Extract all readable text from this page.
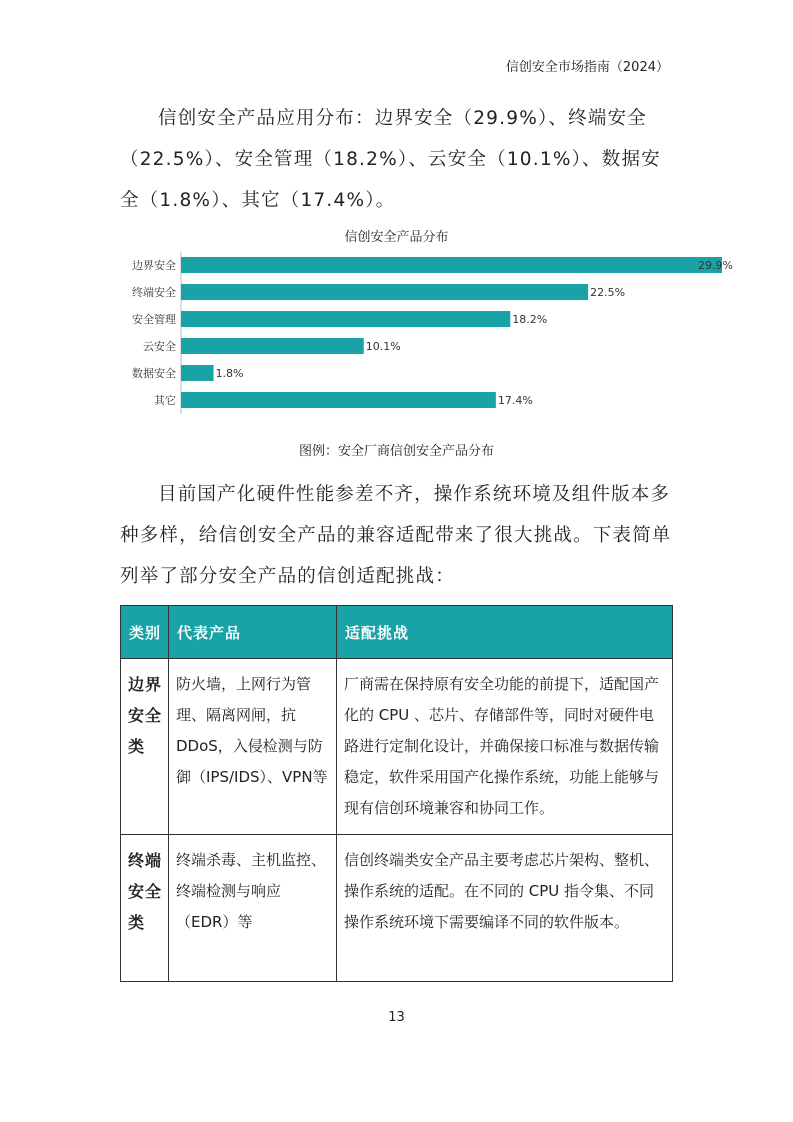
信创安全市场指南（2024）

信创安全产品应用分布：边界安全（29.9%）、终端安全（22.5%）、安全管理（18.2%）、云安全（10.1%）、数据安全（1.8%）、其它（17.4%）。

信创安全产品分布
边界安全	29.9%
终端安全	22.5%
安全管理	18.2%
云安全	10.1%
数据安全	1.8%
其它	17.4%
图例：安全厂商信创安全产品分布

目前国产化硬件性能参差不齐，操作系统环境及组件版本多种多样，给信创安全产品的兼容适配带来了很大挑战。下表简单列举了部分安全产品的信创适配挑战：

类别	代表产品	适配挑战
边界安全类	防火墙，上网行为管理、隔离网闸，抗DDoS，入侵检测与防御（IPS/IDS）、VPN等	厂商需在保持原有安全功能的前提下，适配国产化的 CPU 、芯片、存储部件等，同时对硬件电路进行定制化设计，并确保接口标准与数据传输稳定，软件采用国产化操作系统，功能上能够与现有信创环境兼容和协同工作。
终端安全类	终端杀毒、主机监控、终端检测与响应（EDR）等	信创终端类安全产品主要考虑芯片架构、整机、操作系统的适配。在不同的 CPU 指令集、不同操作系统环境下需要编译不同的软件版本。
13
